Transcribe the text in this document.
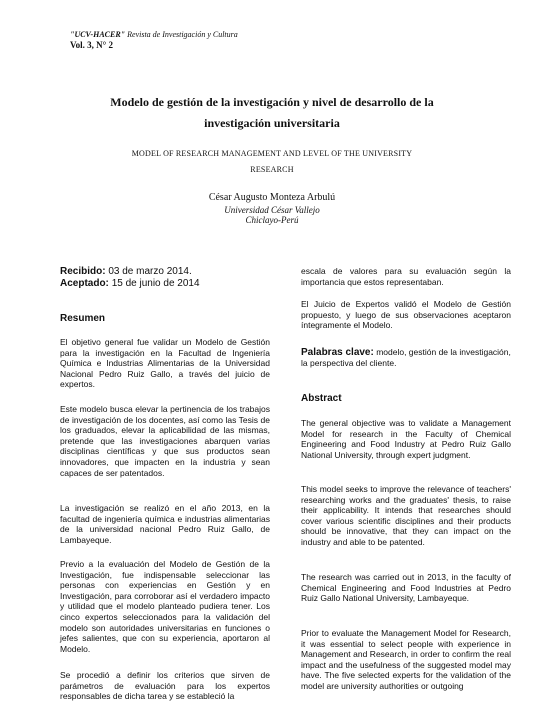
"UCV-HACER" Revista de Investigación y Cultura
Vol. 3, N° 2
Modelo de gestión de la investigación y nivel de desarrollo de la
investigación universitaria
MODEL OF RESEARCH MANAGEMENT AND LEVEL OF THE UNIVERSITY
RESEARCH
César Augusto Monteza Arbulú
Universidad César Vallejo
Chiclayo-Perú
Recibido: 03 de marzo 2014.
Aceptado: 15 de junio de 2014
Resumen

El objetivo general fue validar un Modelo de Gestión para la investigación en la Facultad de Ingeniería Química e Industrias Alimentarias de la Universidad Nacional Pedro Ruiz Gallo, a través del juicio de expertos.

Este modelo busca elevar la pertinencia de los trabajos de investigación de los docentes, así como las Tesis de los graduados, elevar la aplicabilidad de las mismas, pretende que las investigaciones abarquen varias disciplinas científicas y que sus productos sean innovadores, que impacten en la industria y sean capaces de ser patentados.

La investigación se realizó en el año 2013, en la facultad de ingeniería química e industrias alimentarias de la universidad nacional Pedro Ruiz Gallo, de Lambayeque.

Previo a la evaluación del Modelo de Gestión de la Investigación, fue indispensable seleccionar las personas con experiencias en Gestión y en Investigación, para corroborar así el verdadero impacto y utilidad que el modelo planteado pudiera tener. Los cinco expertos seleccionados para la validación del modelo son autoridades universitarias en funciones o jefes salientes, que con su experiencia, aportaron al Modelo.

Se procedió a definir los criterios que sirven de parámetros de evaluación para los expertos responsables de dicha tarea y se estableció la

escala de valores para su evaluación según la importancia que estos representaban.

El Juicio de Expertos validó el Modelo de Gestión propuesto, y luego de sus observaciones aceptaron íntegramente el Modelo.

Palabras clave: modelo, gestión de la investigación, la perspectiva del cliente.
Abstract

The general objective was to validate a Management Model for research in the Faculty of Chemical Engineering and Food Industry at Pedro Ruiz Gallo National University, through expert judgment.

This model seeks to improve the relevance of teachers' researching works and the graduates' thesis, to raise their applicability. It intends that researches should cover various scientific disciplines and their products should be innovative, that they can impact on the industry and able to be patented.

The research was carried out in 2013, in the faculty of Chemical Engineering and Food Industries at Pedro Ruiz Gallo National University, Lambayeque.

Prior to evaluate the Management Model for Research, it was essential to select people with experience in Management and Research, in order to confirm the real impact and the usefulness of the suggested model may have. The five selected experts for the validation of the model are university authorities or outgoing
